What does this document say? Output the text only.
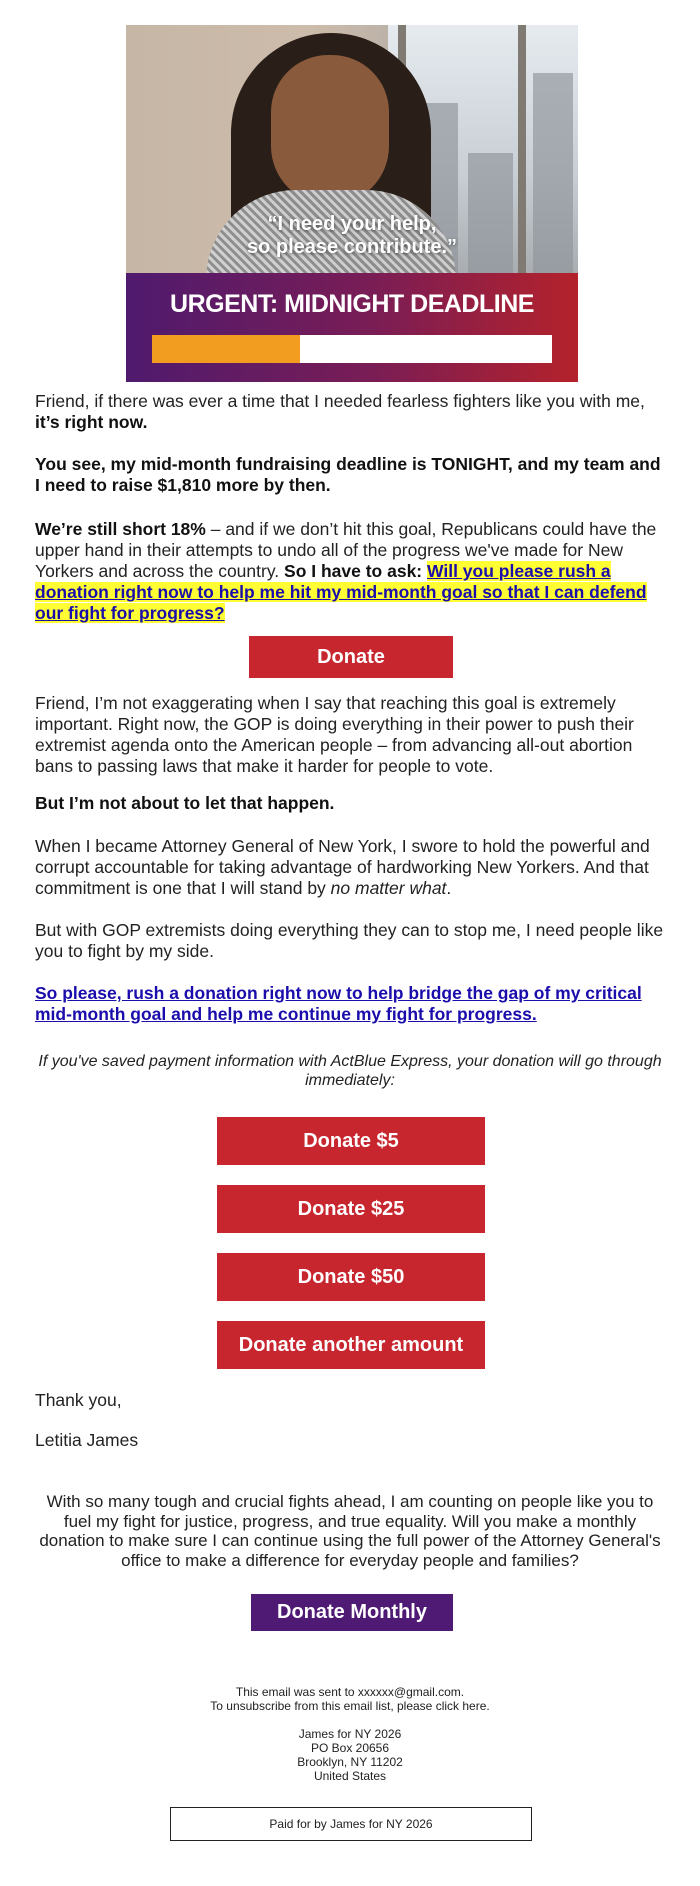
“I need your help,
so please contribute.”
URGENT: MIDNIGHT DEADLINE
Friend, if there was ever a time that I needed fearless fighters like you with me, it’s right now.
You see, my mid-month fundraising deadline is TONIGHT, and my team and I need to raise $1,810 more by then.
We’re still short 18% – and if we don’t hit this goal, Republicans could have the upper hand in their attempts to undo all of the progress we've made for New Yorkers and across the country. So I have to ask: Will you please rush a donation right now to help me hit my mid-month goal so that I can defend our fight for progress?
Donate
Friend, I’m not exaggerating when I say that reaching this goal is extremely important. Right now, the GOP is doing everything in their power to push their extremist agenda onto the American people – from advancing all-out abortion bans to passing laws that make it harder for people to vote.
But I’m not about to let that happen.
When I became Attorney General of New York, I swore to hold the powerful and corrupt accountable for taking advantage of hardworking New Yorkers. And that commitment is one that I will stand by no matter what.
But with GOP extremists doing everything they can to stop me, I need people like you to fight by my side.
So please, rush a donation right now to help bridge the gap of my critical mid-month goal and help me continue my fight for progress.
If you've saved payment information with ActBlue Express, your donation will go through immediately:
Donate $5
Donate $25
Donate $50
Donate another amount
Thank you,
Letitia James
With so many tough and crucial fights ahead, I am counting on people like you to fuel my fight for justice, progress, and true equality. Will you make a monthly donation to make sure I can continue using the full power of the Attorney General's office to make a difference for everyday people and families?
Donate Monthly
This email was sent to xxxxxx@gmail.com.
To unsubscribe from this email list, please click here.
James for NY 2026
PO Box 20656
Brooklyn, NY 11202
United States
Paid for by James for NY 2026
